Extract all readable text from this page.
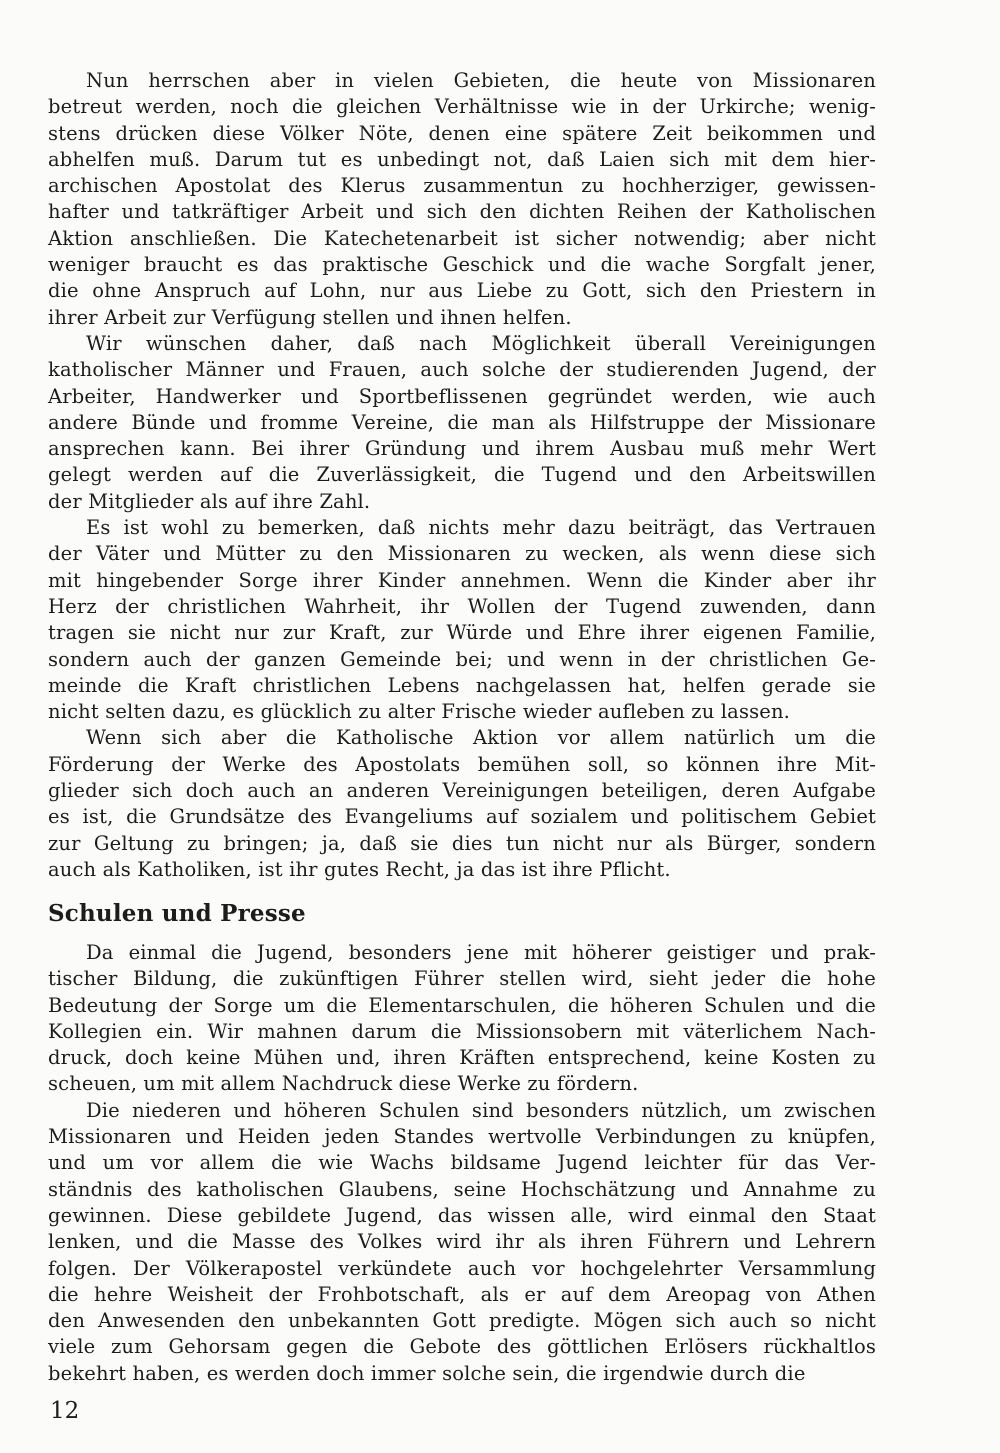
Nun herrschen aber in vielen Gebieten, die heute von Missionaren
betreut werden, noch die gleichen Verhältnisse wie in der Urkirche; wenig-
stens drücken diese Völker Nöte, denen eine spätere Zeit beikommen und
abhelfen muß. Darum tut es unbedingt not, daß Laien sich mit dem hier-
archischen Apostolat des Klerus zusammentun zu hochherziger, gewissen-
hafter und tatkräftiger Arbeit und sich den dichten Reihen der Katholischen
Aktion anschließen. Die Katechetenarbeit ist sicher notwendig; aber nicht
weniger braucht es das praktische Geschick und die wache Sorgfalt jener,
die ohne Anspruch auf Lohn, nur aus Liebe zu Gott, sich den Priestern in
ihrer Arbeit zur Verfügung stellen und ihnen helfen.
Wir wünschen daher, daß nach Möglichkeit überall Vereinigungen
katholischer Männer und Frauen, auch solche der studierenden Jugend, der
Arbeiter, Handwerker und Sportbeflissenen gegründet werden, wie auch
andere Bünde und fromme Vereine, die man als Hilfstruppe der Missionare
ansprechen kann. Bei ihrer Gründung und ihrem Ausbau muß mehr Wert
gelegt werden auf die Zuverlässigkeit, die Tugend und den Arbeitswillen
der Mitglieder als auf ihre Zahl.
Es ist wohl zu bemerken, daß nichts mehr dazu beiträgt, das Vertrauen
der Väter und Mütter zu den Missionaren zu wecken, als wenn diese sich
mit hingebender Sorge ihrer Kinder annehmen. Wenn die Kinder aber ihr
Herz der christlichen Wahrheit, ihr Wollen der Tugend zuwenden, dann
tragen sie nicht nur zur Kraft, zur Würde und Ehre ihrer eigenen Familie,
sondern auch der ganzen Gemeinde bei; und wenn in der christlichen Ge-
meinde die Kraft christlichen Lebens nachgelassen hat, helfen gerade sie
nicht selten dazu, es glücklich zu alter Frische wieder aufleben zu lassen.
Wenn sich aber die Katholische Aktion vor allem natürlich um die
Förderung der Werke des Apostolats bemühen soll, so können ihre Mit-
glieder sich doch auch an anderen Vereinigungen beteiligen, deren Aufgabe
es ist, die Grundsätze des Evangeliums auf sozialem und politischem Gebiet
zur Geltung zu bringen; ja, daß sie dies tun nicht nur als Bürger, sondern
auch als Katholiken, ist ihr gutes Recht, ja das ist ihre Pflicht.
Schulen und Presse
Da einmal die Jugend, besonders jene mit höherer geistiger und prak-
tischer Bildung, die zukünftigen Führer stellen wird, sieht jeder die hohe
Bedeutung der Sorge um die Elementarschulen, die höheren Schulen und die
Kollegien ein. Wir mahnen darum die Missionsobern mit väterlichem Nach-
druck, doch keine Mühen und, ihren Kräften entsprechend, keine Kosten zu
scheuen, um mit allem Nachdruck diese Werke zu fördern.
Die niederen und höheren Schulen sind besonders nützlich, um zwischen
Missionaren und Heiden jeden Standes wertvolle Verbindungen zu knüpfen,
und um vor allem die wie Wachs bildsame Jugend leichter für das Ver-
ständnis des katholischen Glaubens, seine Hochschätzung und Annahme zu
gewinnen. Diese gebildete Jugend, das wissen alle, wird einmal den Staat
lenken, und die Masse des Volkes wird ihr als ihren Führern und Lehrern
folgen. Der Völkerapostel verkündete auch vor hochgelehrter Versammlung
die hehre Weisheit der Frohbotschaft, als er auf dem Areopag von Athen
den Anwesenden den unbekannten Gott predigte. Mögen sich auch so nicht
viele zum Gehorsam gegen die Gebote des göttlichen Erlösers rückhaltlos
bekehrt haben, es werden doch immer solche sein, die irgendwie durch die
12
